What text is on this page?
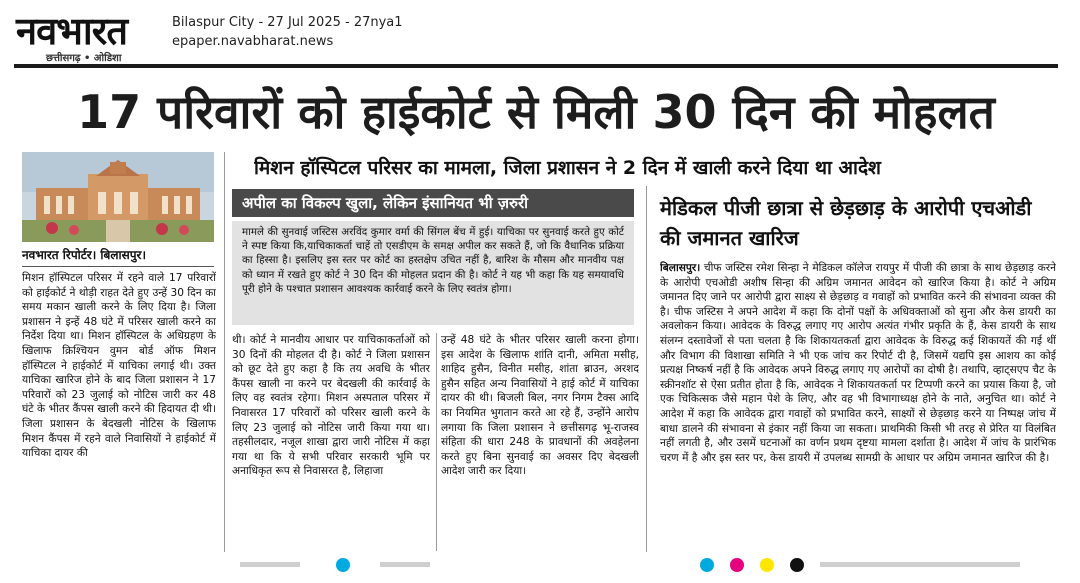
नवभारत
छत्तीसगढ़ • ओडिशा
Bilaspur City - 27 Jul 2025 - 27nya1
epaper.navabharat.news
17 परिवारों को हाईकोर्ट से मिली 30 दिन की मोहलत
नवभारत रिपोर्टर। बिलासपुर।
मिशन हॉस्पिटल परिसर में रहने वाले 17 परिवारों को हाईकोर्ट ने थोड़ी राहत देते हुए उन्हें 30 दिन का समय मकान खाली करने के लिए दिया है। जिला प्रशासन ने इन्हें 48 घंटे में परिसर खाली करने का निर्देश दिया था। मिशन हॉस्पिटल के अधिग्रहण के खिलाफ क्रिश्चियन वुमन बोर्ड ऑफ मिशन हॉस्पिटल ने हाईकोर्ट में याचिका लगाई थी। उक्त याचिका खारिज होने के बाद जिला प्रशासन ने 17 परिवारों को 23 जुलाई को नोटिस जारी कर 48 घंटे के भीतर कैंपस खाली करने की हिदायत दी थी। जिला प्रशासन के बेदखली नोटिस के खिलाफ मिशन कैंपस में रहने वाले निवासियों ने हाईकोर्ट में याचिका दायर की
मिशन हॉस्पिटल परिसर का मामला, जिला प्रशासन ने 2 दिन में खाली करने दिया था आदेश
अपील का विकल्प खुला, लेकिन इंसानियत भी ज़रुरी
मामले की सुनवाई जस्टिस अरविंद कुमार वर्मा की सिंगल बेंच में हुई। याचिका पर सुनवाई करते हुए कोर्ट ने स्पष्ट किया कि,याचिकाकर्ता चाहें तो एसडीएम के समक्ष अपील कर सकते हैं, जो कि वैधानिक प्रक्रिया का हिस्सा है। इसलिए इस स्तर पर कोर्ट का हस्तक्षेप उचित नहीं है, बारिश के मौसम और मानवीय पक्ष को ध्यान में रखते हुए कोर्ट ने 30 दिन की मोहलत प्रदान की है। कोर्ट ने यह भी कहा कि यह समयावधि पूरी होने के पश्चात प्रशासन आवश्यक कार्रवाई करने के लिए स्वतंत्र होगा।
थी। कोर्ट ने मानवीय आधार पर याचिकाकर्ताओं को 30 दिनों की मोहलत दी है। कोर्ट ने जिला प्रशासन को छूट देते हुए कहा है कि तय अवधि के भीतर कैंपस खाली ना करने पर बेदखली की कार्रवाई के लिए वह स्वतंत्र रहेगा। मिशन अस्पताल परिसर में निवासरत 17 परिवारों को परिसर खाली करने के लिए 23 जुलाई को नोटिस जारी किया गया था। तहसीलदार, नजूल शाखा द्वारा जारी नोटिस में कहा गया था कि ये सभी परिवार सरकारी भूमि पर अनाधिकृत रूप से निवासरत है, लिहाजा
उन्हें 48 घंटे के भीतर परिसर खाली करना होगा। इस आदेश के खिलाफ शांति दानी, अमिता मसीह, शाहिद हुसैन, विनीत मसीह, शांता ब्राउन, अरशद हुसैन सहित अन्य निवासियों ने हाई कोर्ट में याचिका दायर की थी। बिजली बिल, नगर निगम टैक्स आदि का नियमित भुगतान करते आ रहे हैं, उन्होंने आरोप लगाया कि जिला प्रशासन ने छत्तीसगढ़ भू-राजस्व संहिता की धारा 248 के प्रावधानों की अवहेलना करते हुए बिना सुनवाई का अवसर दिए बेदखली आदेश जारी कर दिया।
मेडिकल पीजी छात्रा से छेड़छाड़ के आरोपी एचओडी की जमानत खारिज
बिलासपुर। चीफ जस्टिस रमेश सिन्हा ने मेडिकल कॉलेज रायपुर में पीजी की छात्रा के साथ छेड़छाड़ करने के आरोपी एचओडी अशीष सिन्हा की अग्रिम जमानत आवेदन को खारिज किया है। कोर्ट ने अग्रिम जमानत दिए जाने पर आरोपी द्वारा साक्ष्य से छेड़छाड़ व गवाहों को प्रभावित करने की संभावना व्यक्त की है। चीफ जस्टिस ने अपने आदेश में कहा कि दोनों पक्षों के अधिवक्ताओं को सुना और केस डायरी का अवलोकन किया। आवेदक के विरुद्ध लगाए गए आरोप अत्यंत गंभीर प्रकृति के हैं, केस डायरी के साथ संलग्न दस्तावेजों से पता चलता है कि शिकायतकर्ता द्वारा आवेदक के विरुद्ध कई शिकायतें की गई थीं और विभाग की विशाखा समिति ने भी एक जांच कर रिपोर्ट दी है, जिसमें यद्यपि इस आशय का कोई प्रत्यक्ष निष्कर्ष नहीं है कि आवेदक अपने विरुद्ध लगाए गए आरोपों का दोषी है। तथापि, व्हाट्सएप चैट के स्क्रीनशॉट से ऐसा प्रतीत होता है कि, आवेदक ने शिकायतकर्ता पर टिप्पणी करने का प्रयास किया है, जो एक चिकित्सक जैसे महान पेशे के लिए, और वह भी विभागाध्यक्ष होने के नाते, अनुचित था। कोर्ट ने आदेश में कहा कि आवेदक द्वारा गवाहों को प्रभावित करने, साक्ष्यों से छेड़छाड़ करने या निष्पक्ष जांच में बाधा डालने की संभावना से इंकार नहीं किया जा सकता। प्राथमिकी किसी भी तरह से प्रेरित या विलंबित नहीं लगती है, और उसमें घटनाओं का वर्णन प्रथम दृष्टया मामला दर्शाता है। आदेश में जांच के प्रारंभिक चरण में है और इस स्तर पर, केस डायरी में उपलब्ध सामग्री के आधार पर अग्रिम जमानत खारिज की है।
